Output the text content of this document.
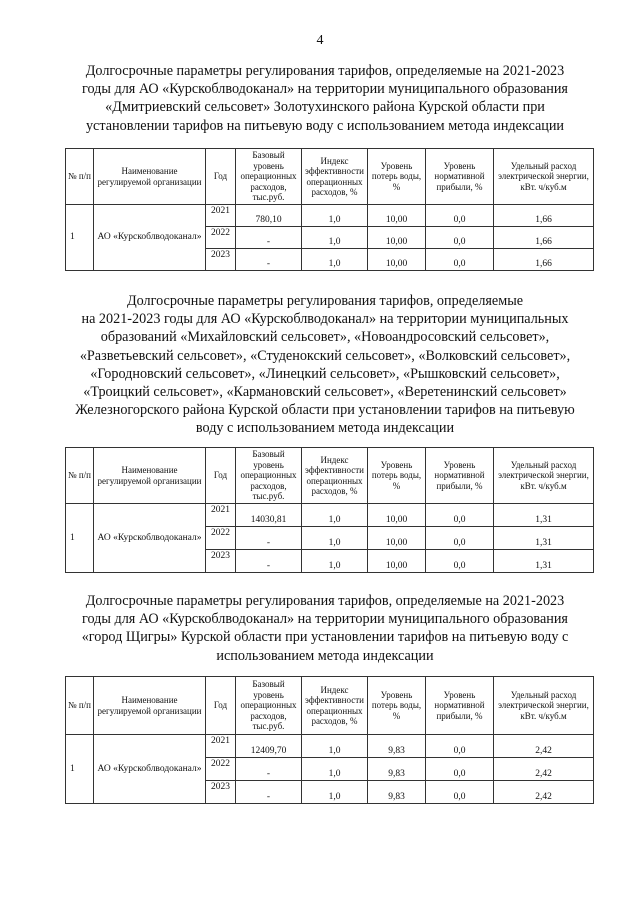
4
Долгосрочные параметры регулирования тарифов, определяемые на 2021-2023
годы для АО «Курскоблводоканал» на территории муниципального образования
«Дмитриевский сельсовет» Золотухинского района Курской области при
установлении тарифов на питьевую воду с использованием метода индексации
№ п/п	Наименование регулируемой организации	Год	Базовый уровень операционных расходов, тыс.руб.	Индекс эффективности операционных расходов, %	Уровень потерь воды, %	Уровень нормативной прибыли, %	Удельный расход электрической энергии, кВт. ч/куб.м
1	АО «Курскоблводоканал»	2021	780,10	1,0	10,00	0,0	1,66
		2022	-	1,0	10,00	0,0	1,66
		2023	-	1,0	10,00	0,0	1,66
Долгосрочные параметры регулирования тарифов, определяемые
на 2021-2023 годы для АО «Курскоблводоканал» на территории муниципальных
образований «Михайловский сельсовет», «Новоандросовский сельсовет»,
«Разветьевский сельсовет», «Студенокский сельсовет», «Волковский сельсовет»,
«Городновский сельсовет», «Линецкий сельсовет», «Рышковский сельсовет»,
«Троицкий сельсовет», «Кармановский сельсовет», «Веретенинский сельсовет»
Железногорского района Курской области при установлении тарифов на питьевую
воду с использованием метода индексации
№ п/п	Наименование регулируемой организации	Год	Базовый уровень операционных расходов, тыс.руб.	Индекс эффективности операционных расходов, %	Уровень потерь воды, %	Уровень нормативной прибыли, %	Удельный расход электрической энергии, кВт. ч/куб.м
1	АО «Курскоблводоканал»	2021	14030,81	1,0	10,00	0,0	1,31
		2022	-	1,0	10,00	0,0	1,31
		2023	-	1,0	10,00	0,0	1,31
Долгосрочные параметры регулирования тарифов, определяемые на 2021-2023
годы для АО «Курскоблводоканал» на территории муниципального образования
«город Щигры» Курской области при установлении тарифов на питьевую воду с
использованием метода индексации
№ п/п	Наименование регулируемой организации	Год	Базовый уровень операционных расходов, тыс.руб.	Индекс эффективности операционных расходов, %	Уровень потерь воды, %	Уровень нормативной прибыли, %	Удельный расход электрической энергии, кВт. ч/куб.м
1	АО «Курскоблводоканал»	2021	12409,70	1,0	9,83	0,0	2,42
		2022	-	1,0	9,83	0,0	2,42
		2023	-	1,0	9,83	0,0	2,42
